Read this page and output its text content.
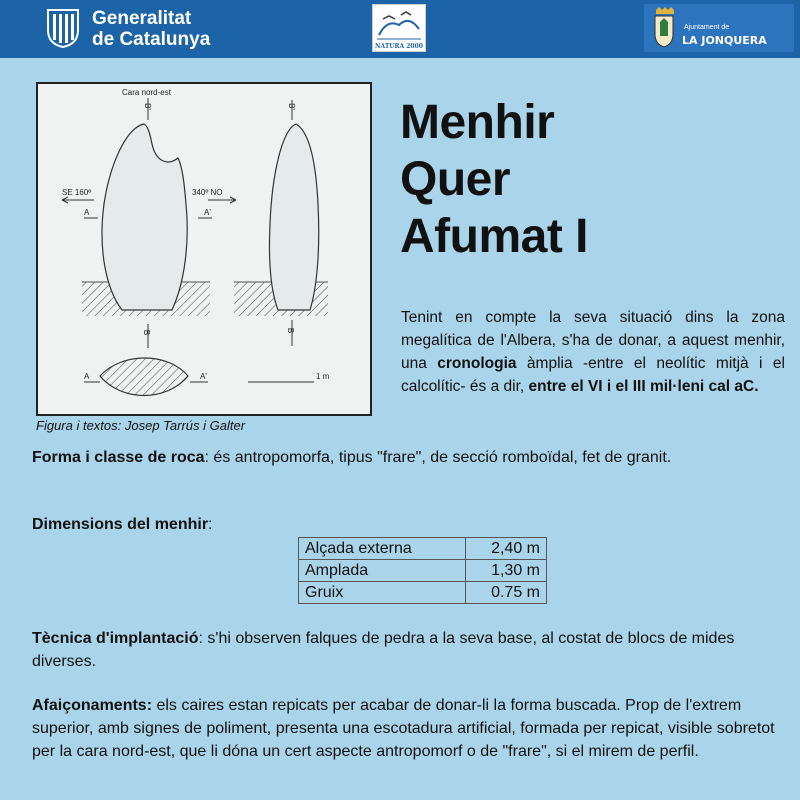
Generalitat
de Catalunya	NATURA 2000
Ajuntament de
LA JONQUERA
Cara nord-est
SE 160º	340º NO
A	A'
B'
B
B'
B
A	A'	1 m
Figura i textos: Josep Tarrús i Galter
Menhir
Quer
Afumat I
Tenint en compte la seva situació dins la zona megalítica de l'Albera, s'ha de donar, a aquest menhir, una cronologia àmplia -entre el neolític mitjà i el calcolític- és a dir, entre el VI i el III mil·leni cal aC.
Forma i classe de roca: és antropomorfa, tipus "frare", de secció romboïdal, fet de granit.
Dimensions del menhir:
Alçada externa	2,40 m
Amplada	1,30 m
Gruix	0.75 m
Tècnica d'implantació: s'hi observen falques de pedra a la seva base, al costat de blocs de mides diverses.
Afaiçonaments: els caires estan repicats per acabar de donar-li la forma buscada. Prop de l'extrem superior, amb signes de poliment, presenta una escotadura artificial, formada per repicat, visible sobretot per la cara nord-est, que li dóna un cert aspecte antropomorf o de "frare", si el mirem de perfil.
